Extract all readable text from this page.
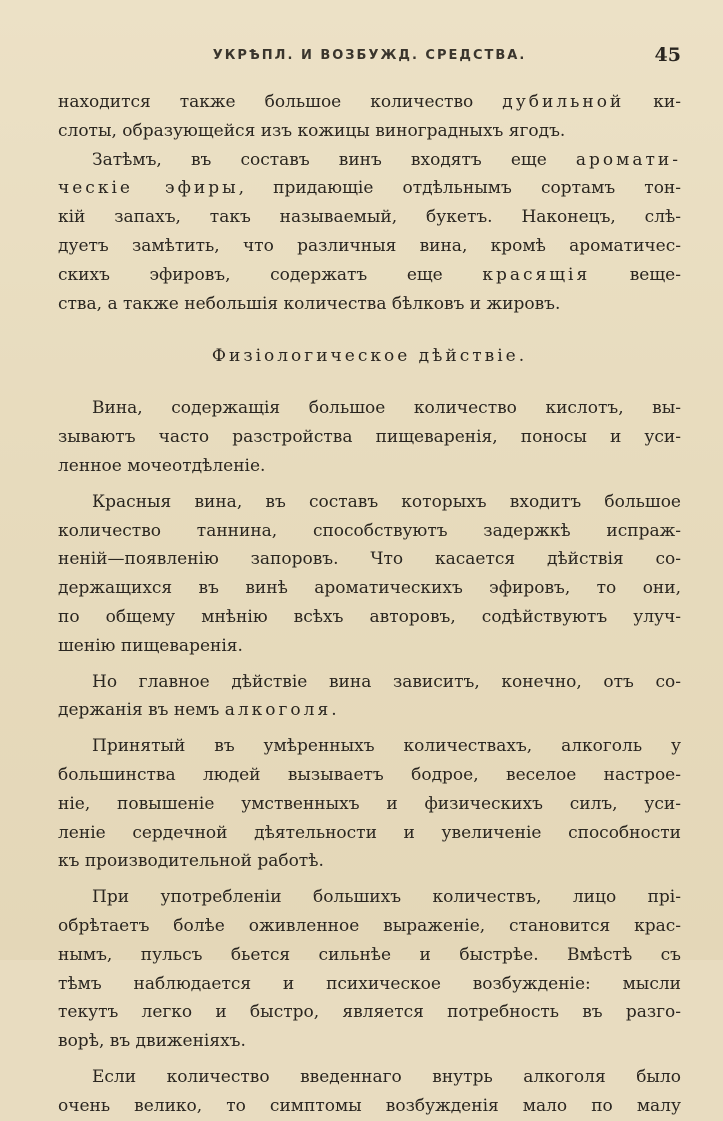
УКРѢПЛ. И ВОЗБУЖД. СРЕДСТВА.	45

находится также большое количество дубильной ки-

слоты, образующейся изъ кожицы виноградныхъ ягодъ.

Затѣмъ, въ составъ винъ входятъ еще аромати-

ческіе эфиры, придающіе отдѣльнымъ сортамъ тон-

кій запахъ, такъ называемый, букетъ. Наконецъ, слѣ-

дуетъ замѣтить, что различныя вина, кромѣ ароматичес-

скихъ эфировъ, содержатъ еще красящія веще-

ства, а также небольшія количества бѣлковъ и жировъ.

Физіологическое дѣйствіе.

Вина, содержащія большое количество кислотъ, вы-

зываютъ часто разстройства пищеваренія, поносы и уси-

ленное мочеотдѣленіе.

Красныя вина, въ составъ которыхъ входитъ большое

количество таннина, способствуютъ задержкѣ испраж-

неній—появленію запоровъ. Что касается дѣйствія со-

держащихся въ винѣ ароматическихъ эфировъ, то они,

по общему мнѣнію всѣхъ авторовъ, содѣйствуютъ улуч-

шенію пищеваренія.

Но главное дѣйствіе вина зависитъ, конечно, отъ со-

держанія въ немъ алкоголя.

Принятый въ умѣренныхъ количествахъ, алкоголь у

большинства людей вызываетъ бодрое, веселое настрое-

ніе, повышеніе умственныхъ и физическихъ силъ, уси-

леніе сердечной дѣятельности и увеличеніе способности

къ производительной работѣ.

При употребленіи большихъ количествъ, лицо прі-

обрѣтаетъ болѣе оживленное выраженіе, становится крас-

нымъ, пульсъ бьется сильнѣе и быстрѣе. Вмѣстѣ съ

тѣмъ наблюдается и психическое возбужденіе: мысли

текутъ легко и быстро, является потребность въ разго-

ворѣ, въ движеніяхъ.

Если количество введеннаго внутрь алкоголя было

очень велико, то симптомы возбужденія мало по малу
